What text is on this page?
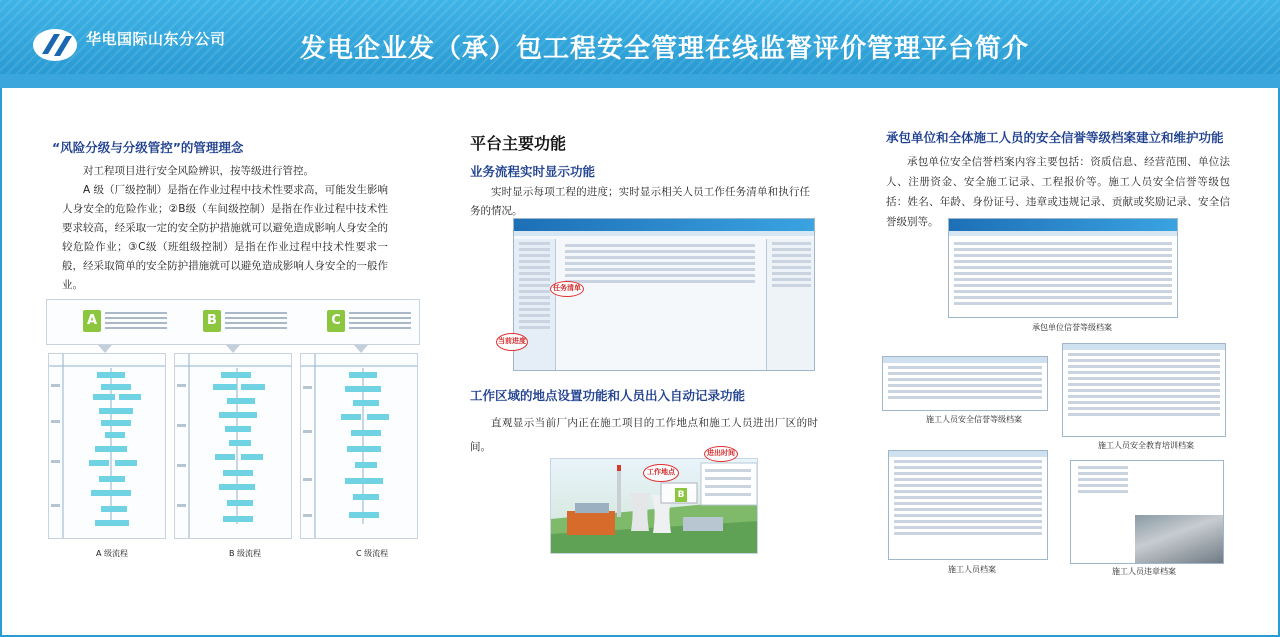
华电国际山东分公司	发电企业发（承）包工程安全管理在线监督评价管理平台简介
“风险分级与分级管控”的管理理念

对工程项目进行安全风险辨识，按等级进行管控。

A 级（厂级控制）是指在作业过程中技术性要求高，可能发生影响人身安全的危险作业；②B级（车间级控制）是指在作业过程中技术性要求较高，经采取一定的安全防护措施就可以避免造成影响人身安全的较危险作业；③C级（班组级控制）是指在作业过程中技术性要求一般，经采取简单的安全防护措施就可以避免造成影响人身安全的一般作业。

A	B	C
A 级流程	B 级流程	C 级流程
平台主要功能
业务流程实时显示功能

实时显示每项工程的进度；实时显示相关人员工作任务清单和执行任务的情况。

任务清单
当前进度
工作区域的地点设置功能和人员出入自动记录功能

直观显示当前厂内正在施工项目的工作地点和施工人员进出厂区的时间。

B
工作地点
进出时间
承包单位和全体施工人员的安全信誉等级档案建立和维护功能

承包单位安全信誉档案内容主要包括：资质信息、经营范围、单位法人、注册资金、安全施工记录、工程报价等。施工人员安全信誉等级包括：姓名、年龄、身份证号、违章或违规记录、贡献或奖励记录、安全信誉级别等。

承包单位信誉等级档案
施工人员安全信誉等级档案
施工人员安全教育培训档案
施工人员档案	施工人员违章档案
